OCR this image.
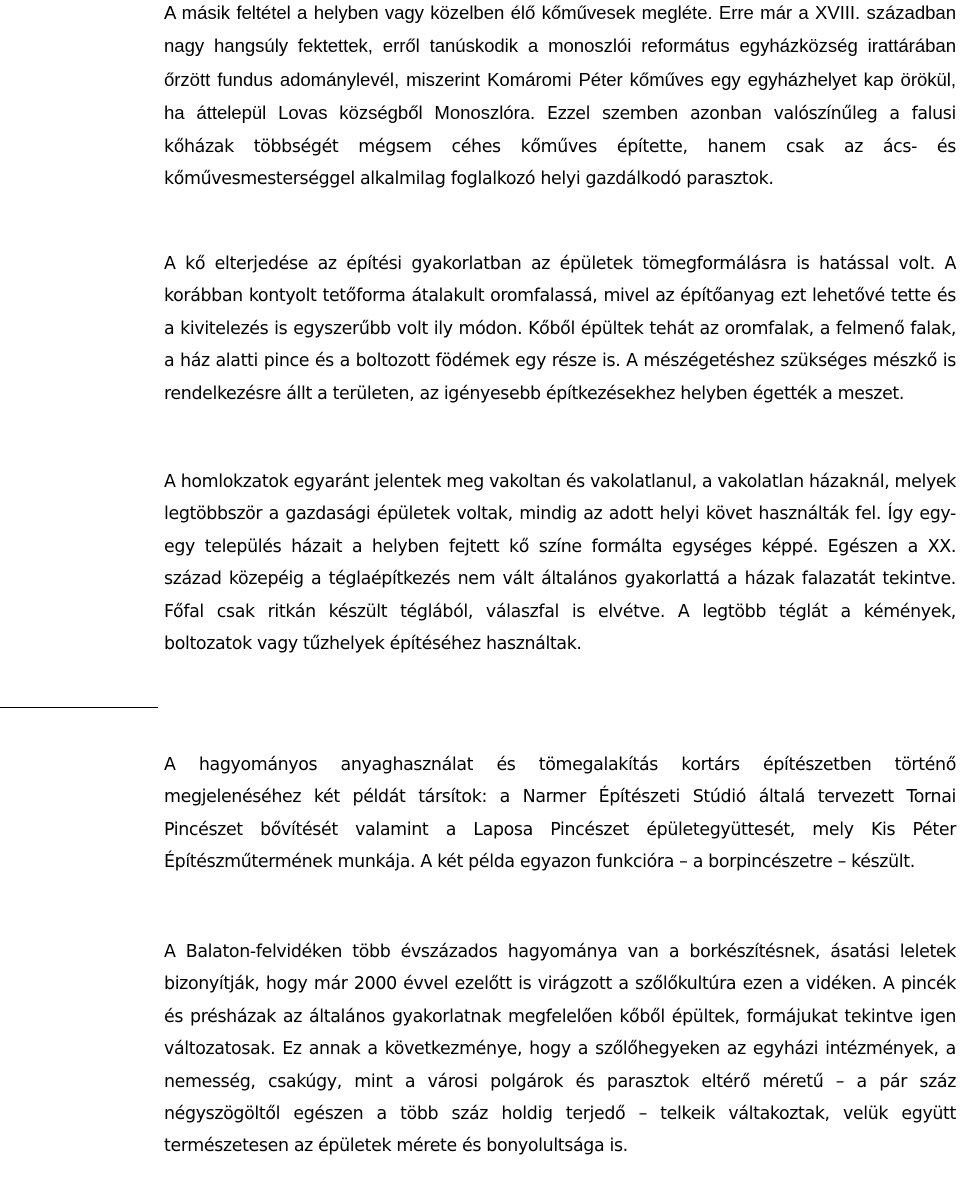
A másik feltétel a helyben vagy közelben élő kőművesek megléte. Erre már a XVIII. században nagy hangsúly fektettek, erről tanúskodik a monoszlói református egyházközség irattárában őrzött fundus adománylevél, miszerint Komáromi Péter kőműves egy egyházhelyet kap örökül, ha áttelepül Lovas községből Monoszlóra. Ezzel szemben azonban valószínűleg a falusi kőházak többségét mégsem céhes kőműves építette, hanem csak az ács- és kőművesmesterséggel alkalmilag foglalkozó helyi gazdálkodó parasztok.

A kő elterjedése az építési gyakorlatban az épületek tömegformálásra is hatással volt. A korábban kontyolt tetőforma átalakult oromfalassá, mivel az építőanyag ezt lehetővé tette és a kivitelezés is egyszerűbb volt ily módon. Kőből épültek tehát az oromfalak, a felmenő falak, a ház alatti pince és a boltozott födémek egy része is. A mészégetéshez szükséges mészkő is rendelkezésre állt a területen, az igényesebb építkezésekhez helyben égették a meszet.

A homlokzatok egyaránt jelentek meg vakoltan és vakolatlanul, a vakolatlan házaknál, melyek legtöbbször a gazdasági épületek voltak, mindig az adott helyi követ használták fel. Így egy-egy település házait a helyben fejtett kő színe formálta egységes képpé. Egészen a XX. század közepéig a téglaépítkezés nem vált általános gyakorlattá a házak falazatát tekintve. Főfal csak ritkán készült téglából, válaszfal is elvétve. A legtöbb téglát a kémények, boltozatok vagy tűzhelyek építéséhez használtak.

A hagyományos anyaghasználat és tömegalakítás kortárs építészetben történő megjelenéséhez két példát társítok: a Narmer Építészeti Stúdió általá tervezett Tornai Pincészet bővítését valamint a Laposa Pincészet épületegyüttesét, mely Kis Péter Építészműtermének munkája. A két példa egyazon funkcióra – a borpincészetre – készült.

A Balaton-felvidéken több évszázados hagyománya van a borkészítésnek, ásatási leletek bizonyítják, hogy már 2000 évvel ezelőtt is virágzott a szőlőkultúra ezen a vidéken. A pincék és présházak az általános gyakorlatnak megfelelően kőből épültek, formájukat tekintve igen változatosak. Ez annak a következménye, hogy a szőlőhegyeken az egyházi intézmények, a nemesség, csakúgy, mint a városi polgárok és parasztok eltérő méretű – a pár száz négyszögöltől egészen a több száz holdig terjedő – telkeik váltakoztak, velük együtt természetesen az épületek mérete és bonyolultsága is.
